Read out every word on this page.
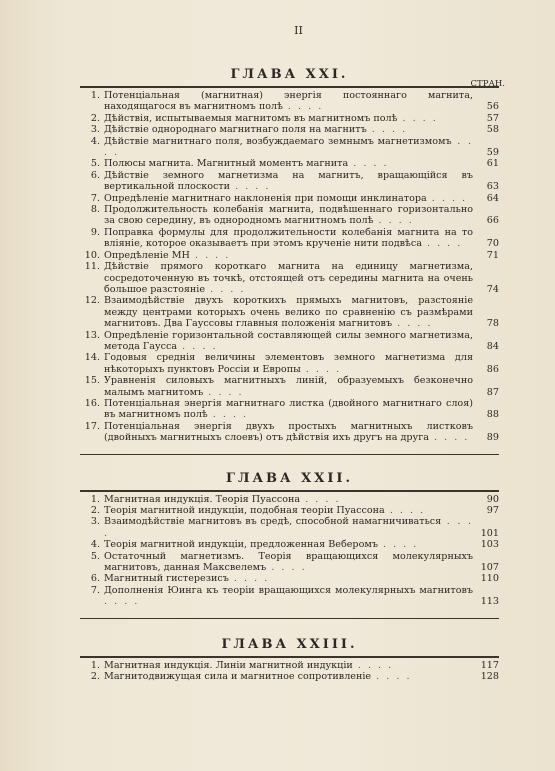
II
ГЛАВА XXI.
СТРАН.
1. Потенціальная (магнитная) энергія постояннаго магнита, находящагося въ магнитномъ полѣ . . . .	56
2. Дѣйствія, испытываемыя магнитомъ въ магнитномъ полѣ . . . .	57
3. Дѣйствіе однороднаго магнитнаго поля на магнитъ . . . .	58
4. Дѣйствіе магнитнаго поля, возбуждаемаго земнымъ магнетизмомъ . . . .	59
5. Полюсы магнита. Магнитный моментъ магнита . . . .	61
6. Дѣйствіе земного магнетизма на магнитъ, вращающійся въ вертикальной плоскости . . . .	63
7. Опредѣленіе магнитнаго наклоненія при помощи инклинатора . . . .	64
8. Продолжительность колебанія магнита, подвѣшеннаго горизонтально за свою середину, въ однородномъ магнитномъ полѣ . . . .	66
9. Поправка формулы для продолжительности колебанія магнита на то вліяніе, которое оказываетъ при этомъ крученіе нити подвѣса . . . .	70
10. Опредѣленіе MH . . . .	71
11. Дѣйствіе прямого короткаго магнита на единицу магнетизма, сосредоточенную въ точкѣ, отстоящей отъ середины магнита на очень большое разстояніе . . . .	74
12. Взаимодѣйствіе двухъ короткихъ прямыхъ магнитовъ, разстояніе между центрами которыхъ очень велико по сравненію съ размѣрами магнитовъ. Два Гауссовы главныя положенія магнитовъ . . . .	78
13. Опредѣленіе горизонтальной составляющей силы земного магнетизма, метода Гаусса . . . .	84
14. Годовыя среднія величины элементовъ земного магнетизма для нѣкоторыхъ пунктовъ Россіи и Европы . . . .	86
15. Уравненія силовыхъ магнитныхъ линій, образуемыхъ безконечно малымъ магнитомъ . . . .	87
16. Потенціальная энергія магнитнаго листка (двойного магнитнаго слоя) въ магнитномъ полѣ . . . .	88
17. Потенціальная энергія двухъ простыхъ магнитныхъ листковъ (двойныхъ магнитныхъ слоевъ) отъ дѣйствія ихъ другъ на друга . . . .	89
ГЛАВА XXII.
1. Магнитная индукція. Теорія Пуассона . . . .	90
2. Теорія магнитной индукціи, подобная теоріи Пуассона . . . .	97
3. Взаимодѣйствіе магнитовъ въ средѣ, способной намагничиваться . . . .	101
4. Теорія магнитной индукціи, предложенная Веберомъ . . . .	103
5. Остаточный магнетизмъ. Теорія вращающихся молекулярныхъ магнитовъ, данная Максвелемъ . . . .	107
6. Магнитный гистерезисъ . . . .	110
7. Дополненія Юинга къ теоріи вращающихся молекулярныхъ магнитовъ . . . .	113
ГЛАВА XXIII.
1. Магнитная индукція. Линіи магнитной индукціи . . . .	117
2. Магнитодвижущая сила и магнитное сопротивленіе . . . .	128
